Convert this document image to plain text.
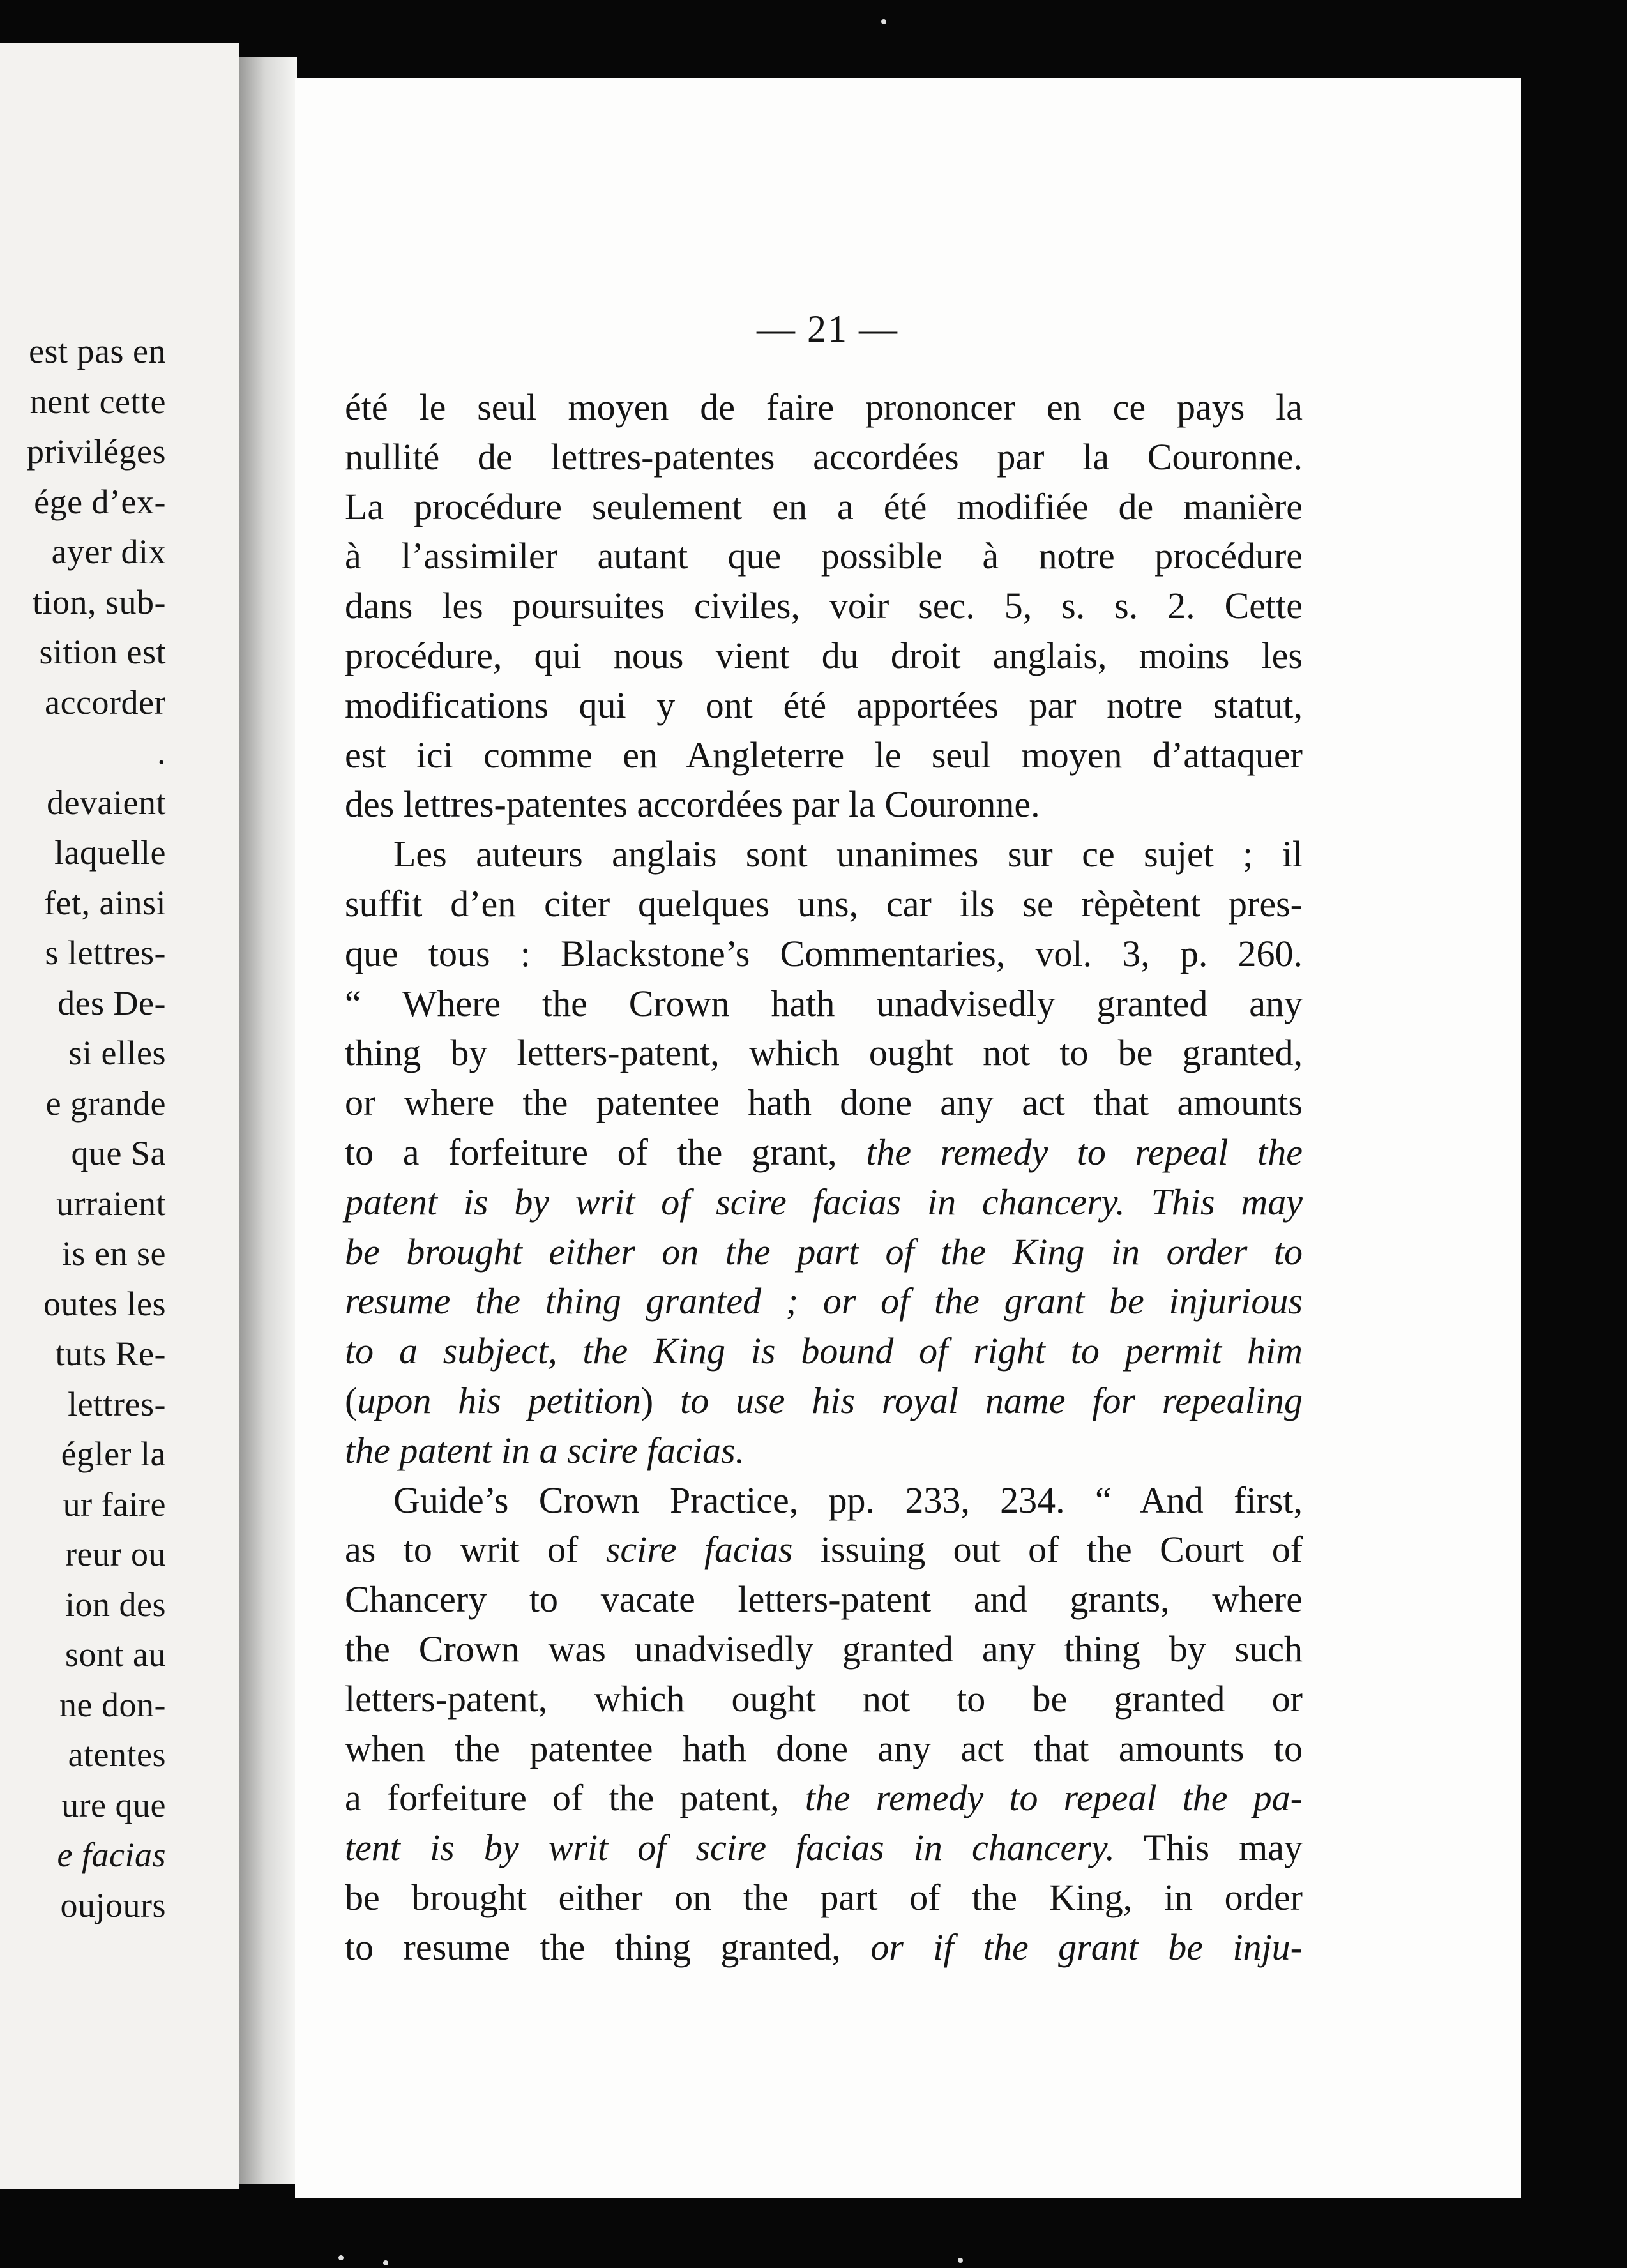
est pas en
nent cette
priviléges
ége d’ex-
ayer dix
tion, sub-
sition est
accorder
.
devaient
laquelle
fet, ainsi
s lettres-
des De-
si elles
e grande
que Sa
urraient
is en se
outes les
tuts Re-
lettres-
égler la
ur faire
reur ou
ion des
sont au
ne don-
atentes
ure que
e facias
oujours
— 21 —
été le seul moyen de faire prononcer en ce pays la
nullité de lettres-patentes accordées par la Couronne.
La procédure seulement en a été modifiée de manière
à l’assimiler autant que possible à notre procédure
dans les poursuites civiles, voir sec. 5, s. s. 2. Cette
procédure, qui nous vient du droit anglais, moins les
modifications qui y ont été apportées par notre statut,
est ici comme en Angleterre le seul moyen d’attaquer
des lettres-patentes accordées par la Couronne.
Les auteurs anglais sont unanimes sur ce sujet ; il
suffit d’en citer quelques uns, car ils se rèpètent pres-
que tous : Blackstone’s Commentaries, vol. 3, p. 260.
“ Where the Crown hath unadvisedly granted any
thing by letters-patent, which ought not to be granted,
or where the patentee hath done any act that amounts
to a forfeiture of the grant, the remedy to repeal the
patent is by writ of scire facias in chancery. This may
be brought either on the part of the King in order to
resume the thing granted ; or of the grant be injurious
to a subject, the King is bound of right to permit him
(upon his petition) to use his royal name for repealing
the patent in a scire facias.
Guide’s Crown Practice, pp. 233, 234. “ And first,
as to writ of scire facias issuing out of the Court of
Chancery to vacate letters-patent and grants, where
the Crown was unadvisedly granted any thing by such
letters-patent, which ought not to be granted or
when the patentee hath done any act that amounts to
a forfeiture of the patent, the remedy to repeal the pa-
tent is by writ of scire facias in chancery. This may
be brought either on the part of the King, in order
to resume the thing granted, or if the grant be inju-
